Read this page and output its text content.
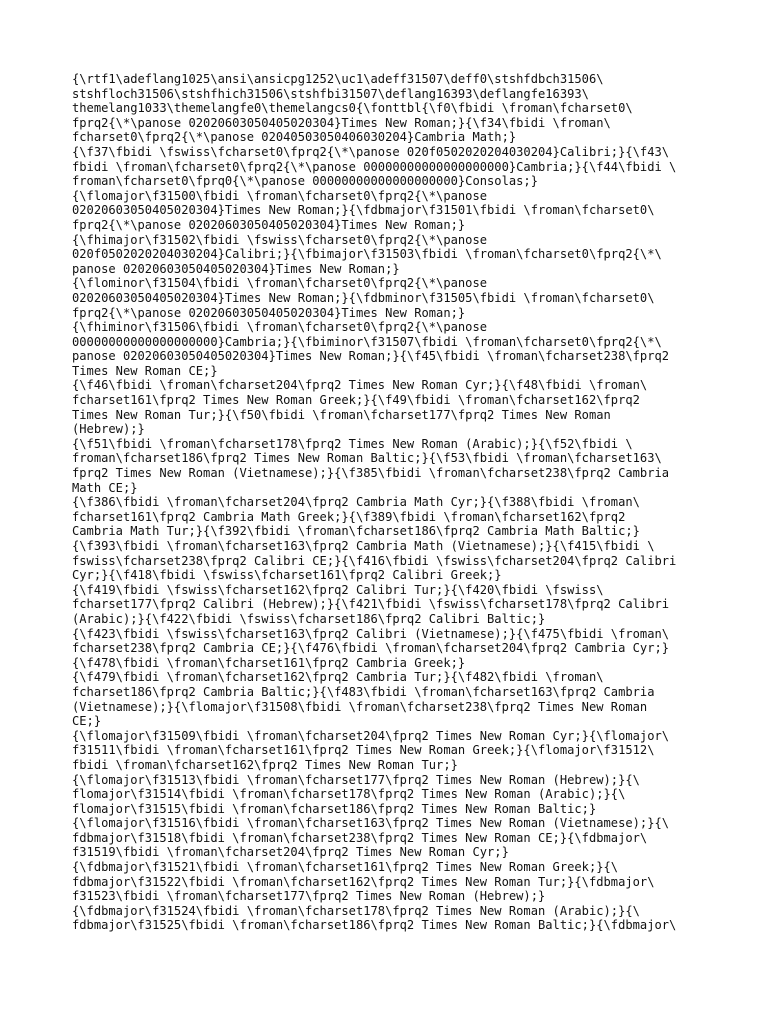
{\rtf1\adeflang1025\ansi\ansicpg1252\uc1\adeff31507\deff0\stshfdbch31506\
stshfloch31506\stshfhich31506\stshfbi31507\deflang16393\deflangfe16393\
themelang1033\themelangfe0\themelangcs0{\fonttbl{\f0\fbidi \froman\fcharset0\
fprq2{\*\panose 02020603050405020304}Times New Roman;}{\f34\fbidi \froman\
fcharset0\fprq2{\*\panose 02040503050406030204}Cambria Math;}
{\f37\fbidi \fswiss\fcharset0\fprq2{\*\panose 020f0502020204030204}Calibri;}{\f43\
fbidi \froman\fcharset0\fprq2{\*\panose 00000000000000000000}Cambria;}{\f44\fbidi \
froman\fcharset0\fprq0{\*\panose 00000000000000000000}Consolas;}
{\flomajor\f31500\fbidi \froman\fcharset0\fprq2{\*\panose
02020603050405020304}Times New Roman;}{\fdbmajor\f31501\fbidi \froman\fcharset0\
fprq2{\*\panose 02020603050405020304}Times New Roman;}
{\fhimajor\f31502\fbidi \fswiss\fcharset0\fprq2{\*\panose
020f0502020204030204}Calibri;}{\fbimajor\f31503\fbidi \froman\fcharset0\fprq2{\*\
panose 02020603050405020304}Times New Roman;}
{\flominor\f31504\fbidi \froman\fcharset0\fprq2{\*\panose
02020603050405020304}Times New Roman;}{\fdbminor\f31505\fbidi \froman\fcharset0\
fprq2{\*\panose 02020603050405020304}Times New Roman;}
{\fhiminor\f31506\fbidi \froman\fcharset0\fprq2{\*\panose
00000000000000000000}Cambria;}{\fbiminor\f31507\fbidi \froman\fcharset0\fprq2{\*\
panose 02020603050405020304}Times New Roman;}{\f45\fbidi \froman\fcharset238\fprq2
Times New Roman CE;}
{\f46\fbidi \froman\fcharset204\fprq2 Times New Roman Cyr;}{\f48\fbidi \froman\
fcharset161\fprq2 Times New Roman Greek;}{\f49\fbidi \froman\fcharset162\fprq2
Times New Roman Tur;}{\f50\fbidi \froman\fcharset177\fprq2 Times New Roman
(Hebrew);}
{\f51\fbidi \froman\fcharset178\fprq2 Times New Roman (Arabic);}{\f52\fbidi \
froman\fcharset186\fprq2 Times New Roman Baltic;}{\f53\fbidi \froman\fcharset163\
fprq2 Times New Roman (Vietnamese);}{\f385\fbidi \froman\fcharset238\fprq2 Cambria
Math CE;}
{\f386\fbidi \froman\fcharset204\fprq2 Cambria Math Cyr;}{\f388\fbidi \froman\
fcharset161\fprq2 Cambria Math Greek;}{\f389\fbidi \froman\fcharset162\fprq2
Cambria Math Tur;}{\f392\fbidi \froman\fcharset186\fprq2 Cambria Math Baltic;}
{\f393\fbidi \froman\fcharset163\fprq2 Cambria Math (Vietnamese);}{\f415\fbidi \
fswiss\fcharset238\fprq2 Calibri CE;}{\f416\fbidi \fswiss\fcharset204\fprq2 Calibri
Cyr;}{\f418\fbidi \fswiss\fcharset161\fprq2 Calibri Greek;}
{\f419\fbidi \fswiss\fcharset162\fprq2 Calibri Tur;}{\f420\fbidi \fswiss\
fcharset177\fprq2 Calibri (Hebrew);}{\f421\fbidi \fswiss\fcharset178\fprq2 Calibri
(Arabic);}{\f422\fbidi \fswiss\fcharset186\fprq2 Calibri Baltic;}
{\f423\fbidi \fswiss\fcharset163\fprq2 Calibri (Vietnamese);}{\f475\fbidi \froman\
fcharset238\fprq2 Cambria CE;}{\f476\fbidi \froman\fcharset204\fprq2 Cambria Cyr;}
{\f478\fbidi \froman\fcharset161\fprq2 Cambria Greek;}
{\f479\fbidi \froman\fcharset162\fprq2 Cambria Tur;}{\f482\fbidi \froman\
fcharset186\fprq2 Cambria Baltic;}{\f483\fbidi \froman\fcharset163\fprq2 Cambria
(Vietnamese);}{\flomajor\f31508\fbidi \froman\fcharset238\fprq2 Times New Roman
CE;}
{\flomajor\f31509\fbidi \froman\fcharset204\fprq2 Times New Roman Cyr;}{\flomajor\
f31511\fbidi \froman\fcharset161\fprq2 Times New Roman Greek;}{\flomajor\f31512\
fbidi \froman\fcharset162\fprq2 Times New Roman Tur;}
{\flomajor\f31513\fbidi \froman\fcharset177\fprq2 Times New Roman (Hebrew);}{\
flomajor\f31514\fbidi \froman\fcharset178\fprq2 Times New Roman (Arabic);}{\
flomajor\f31515\fbidi \froman\fcharset186\fprq2 Times New Roman Baltic;}
{\flomajor\f31516\fbidi \froman\fcharset163\fprq2 Times New Roman (Vietnamese);}{\
fdbmajor\f31518\fbidi \froman\fcharset238\fprq2 Times New Roman CE;}{\fdbmajor\
f31519\fbidi \froman\fcharset204\fprq2 Times New Roman Cyr;}
{\fdbmajor\f31521\fbidi \froman\fcharset161\fprq2 Times New Roman Greek;}{\
fdbmajor\f31522\fbidi \froman\fcharset162\fprq2 Times New Roman Tur;}{\fdbmajor\
f31523\fbidi \froman\fcharset177\fprq2 Times New Roman (Hebrew);}
{\fdbmajor\f31524\fbidi \froman\fcharset178\fprq2 Times New Roman (Arabic);}{\
fdbmajor\f31525\fbidi \froman\fcharset186\fprq2 Times New Roman Baltic;}{\fdbmajor\
